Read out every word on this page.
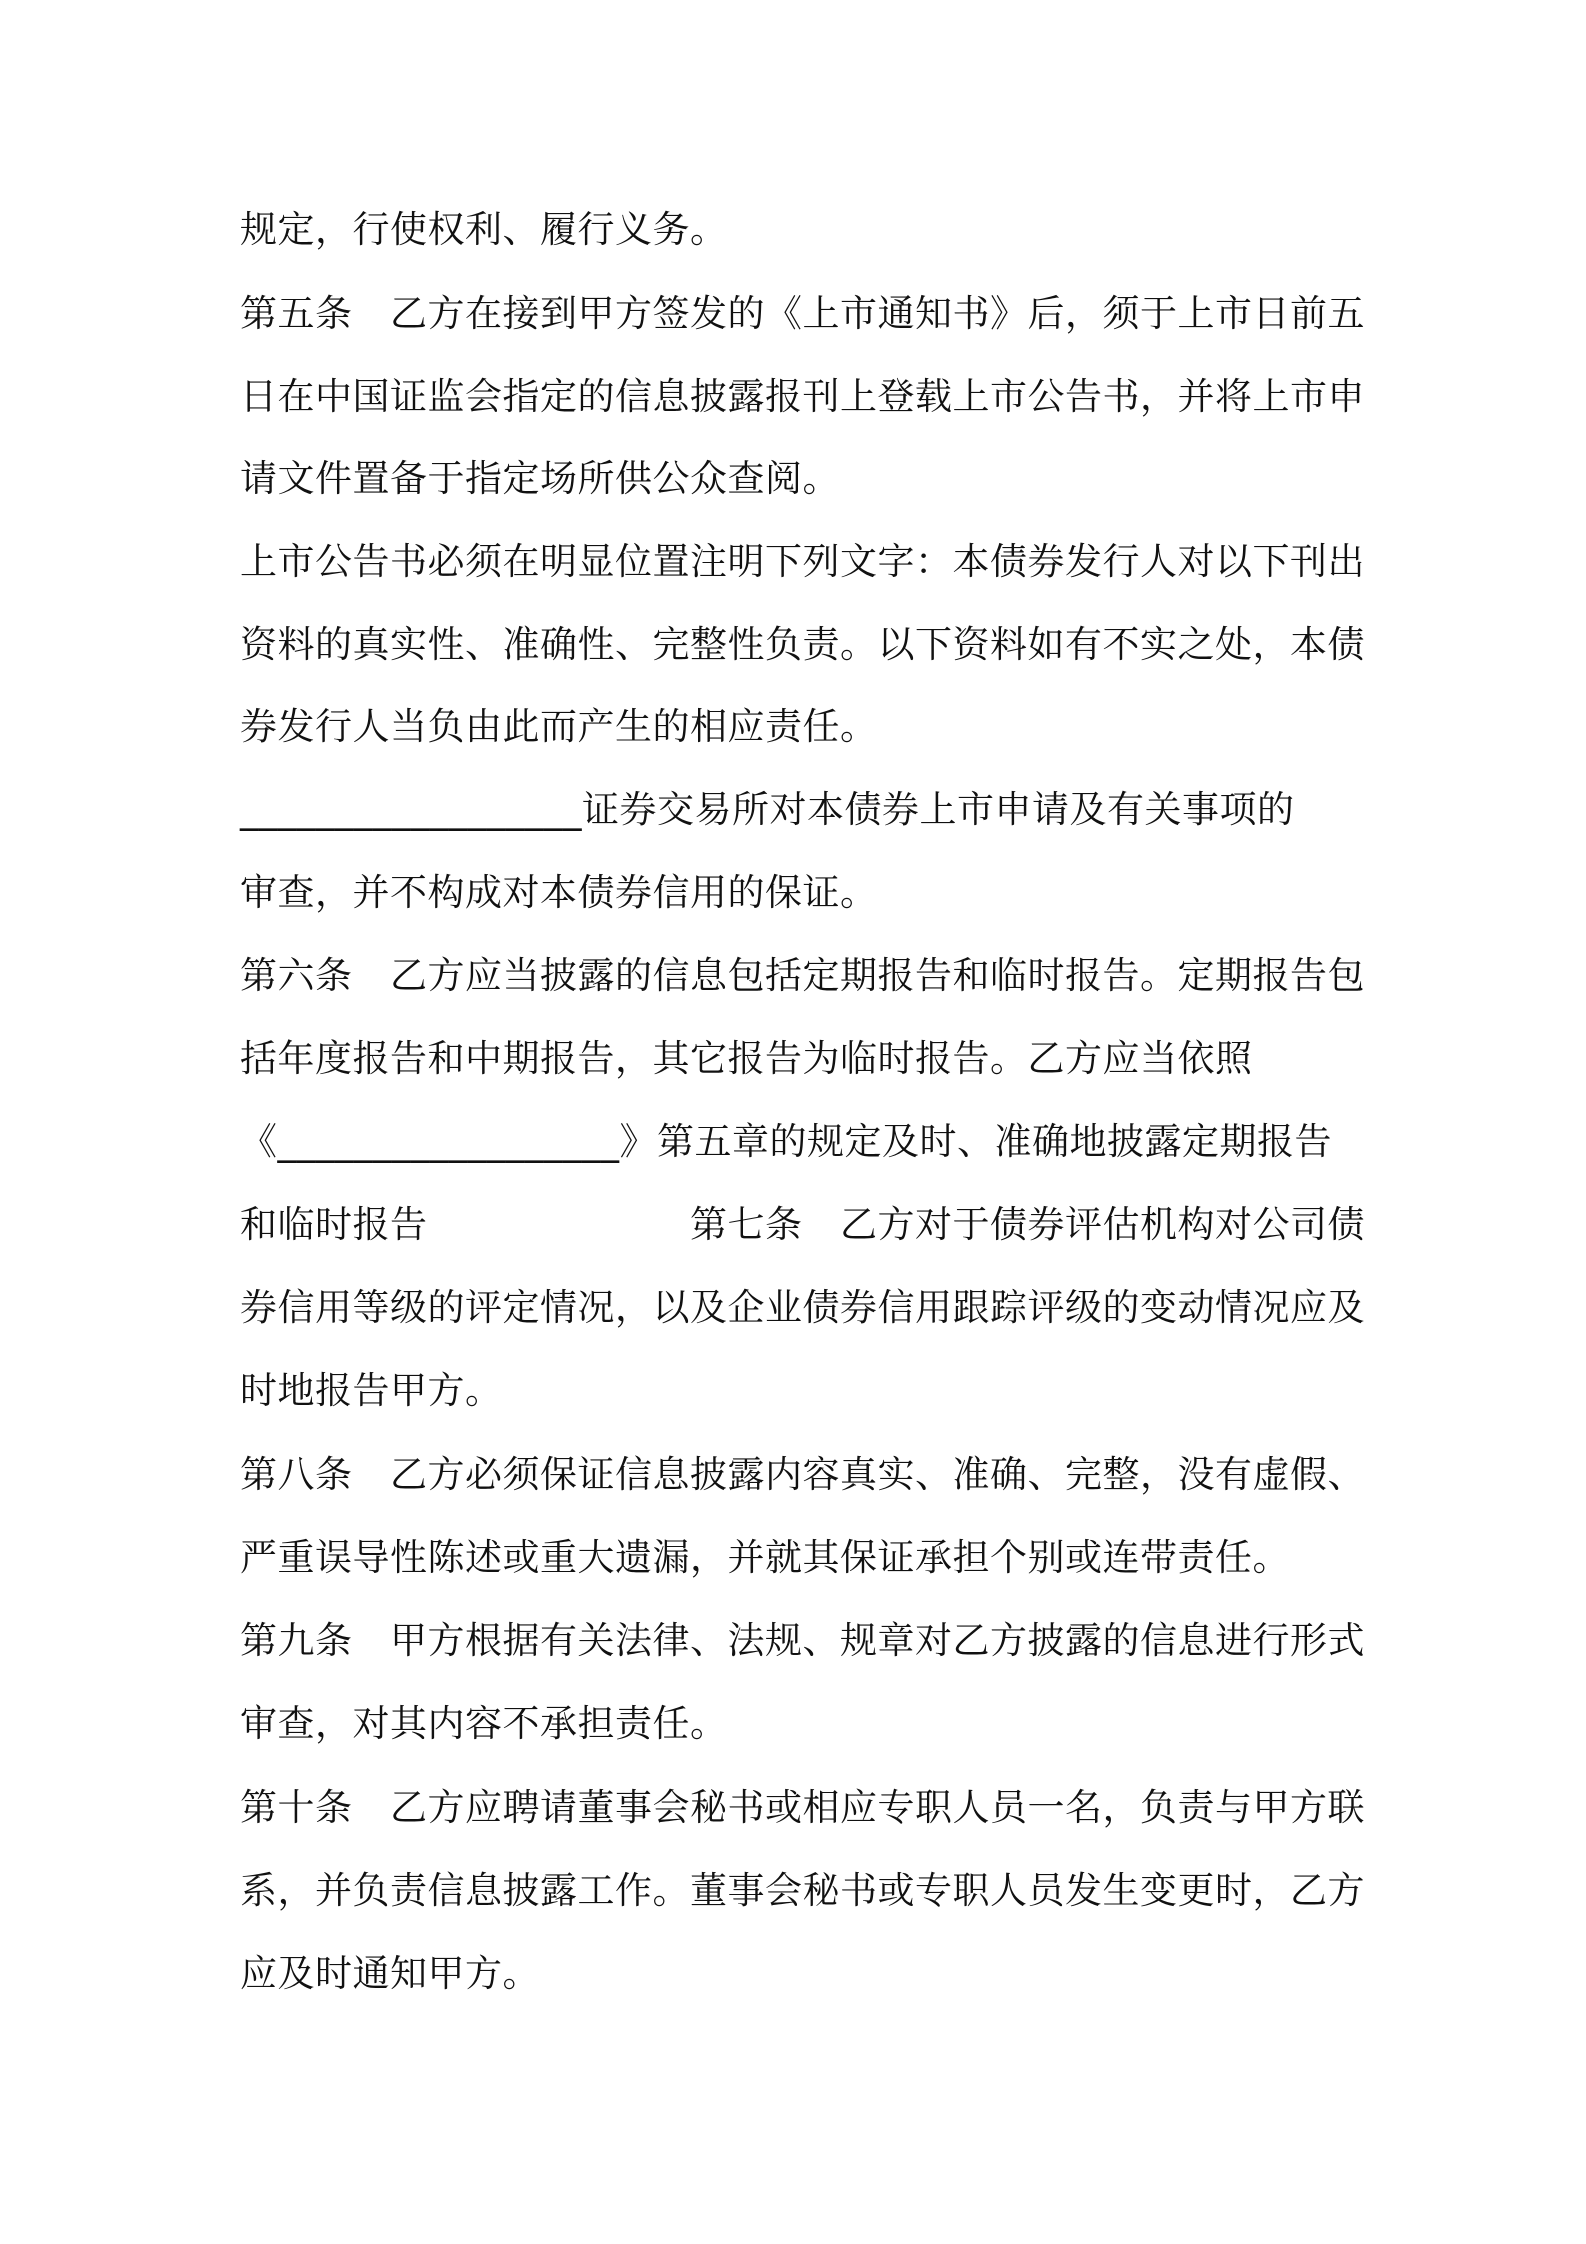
规定，行使权利、履行义务。
第五条　乙方在接到甲方签发的《上市通知书》后，须于上市日前五
日在中国证监会指定的信息披露报刊上登载上市公告书，并将上市申
请文件置备于指定场所供公众查阅。
上市公告书必须在明显位置注明下列文字：本债券发行人对以下刊出
资料的真实性、准确性、完整性负责。以下资料如有不实之处，本债
券发行人当负由此而产生的相应责任。
__________________证券交易所对本债券上市申请及有关事项的
审查，并不构成对本债券信用的保证。
第六条　乙方应当披露的信息包括定期报告和临时报告。定期报告包
括年度报告和中期报告，其它报告为临时报告。乙方应当依照
《__________________》第五章的规定及时、准确地披露定期报告
和临时报告　　　　　　　第七条　乙方对于债券评估机构对公司债
券信用等级的评定情况，以及企业债券信用跟踪评级的变动情况应及
时地报告甲方。
第八条　乙方必须保证信息披露内容真实、准确、完整，没有虚假、
严重误导性陈述或重大遗漏，并就其保证承担个别或连带责任。
第九条　甲方根据有关法律、法规、规章对乙方披露的信息进行形式
审查，对其内容不承担责任。
第十条　乙方应聘请董事会秘书或相应专职人员一名，负责与甲方联
系，并负责信息披露工作。董事会秘书或专职人员发生变更时，乙方
应及时通知甲方。
